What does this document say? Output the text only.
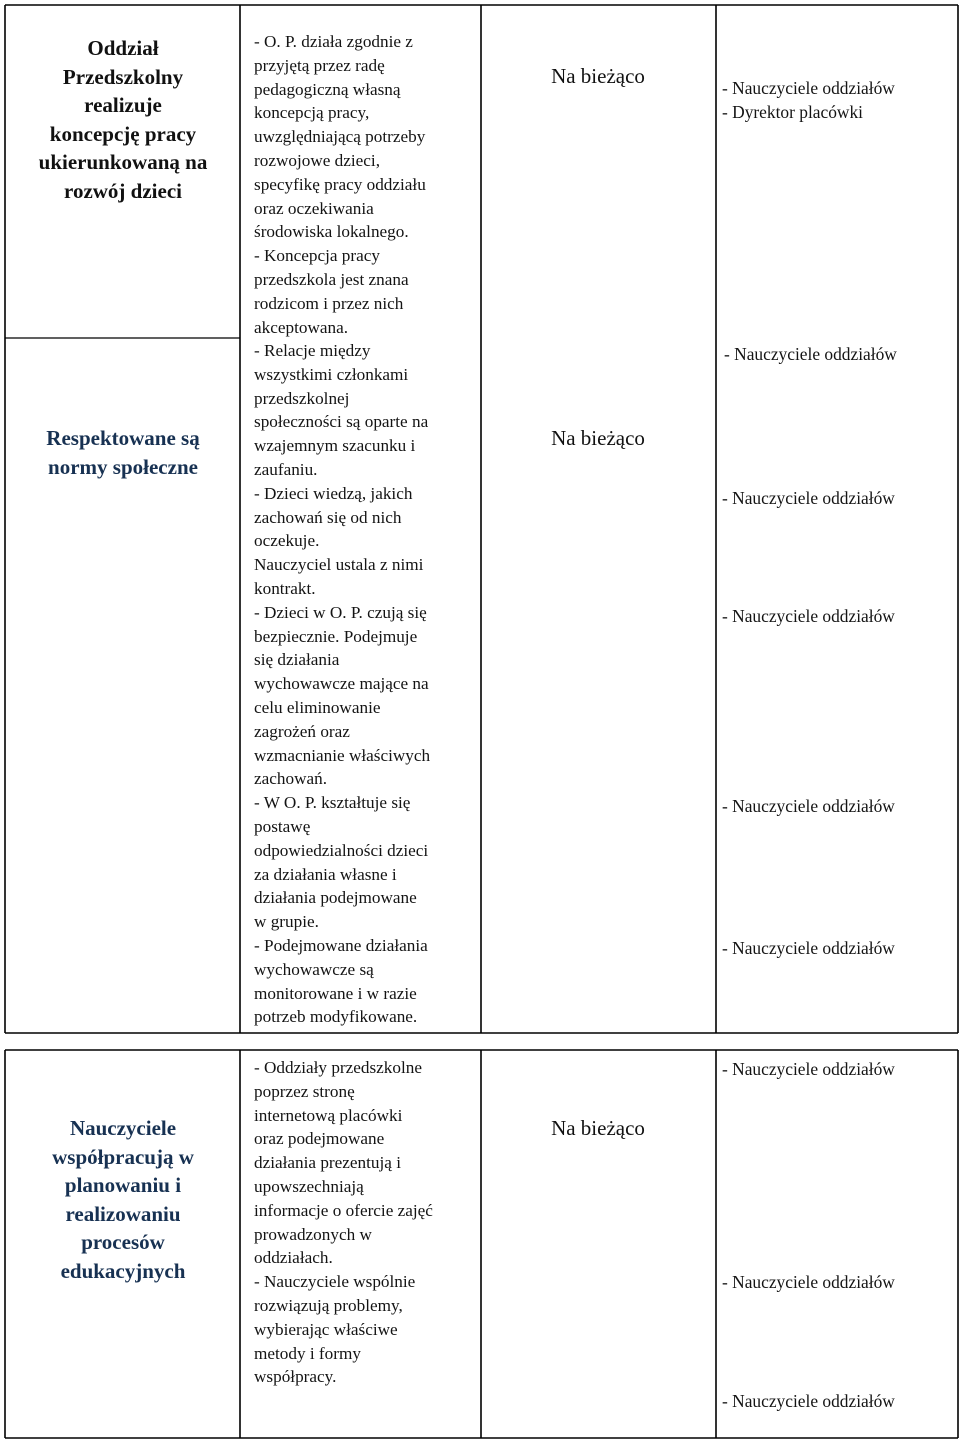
Oddział
Przedszkolny
realizuje
koncepcję pracy
ukierunkowaną na
rozwój dzieci
- O. P. działa zgodnie z
przyjętą przez radę
pedagogiczną własną
koncepcją pracy,
uwzględniającą potrzeby
rozwojowe dzieci,
specyfikę pracy oddziału
oraz oczekiwania
środowiska lokalnego.
- Koncepcja pracy
przedszkola jest znana
rodzicom i przez nich
akceptowana.
Na bieżąco	- Nauczyciele oddziałów
- Dyrektor placówki
Respektowane są
normy społeczne
- Relacje między
wszystkimi członkami
przedszkolnej
społeczności są oparte na
wzajemnym szacunku i
zaufaniu.
- Dzieci wiedzą, jakich
zachowań się od nich
oczekuje.
Nauczyciel ustala z nimi
kontrakt.
- Dzieci w O. P. czują się
bezpiecznie. Podejmuje
się działania
wychowawcze mające na
celu eliminowanie
zagrożeń oraz
wzmacnianie właściwych
zachowań.
- W O. P. kształtuje się
postawę
odpowiedzialności dzieci
za działania własne i
działania podejmowane
w grupie.
- Podejmowane działania
wychowawcze są
monitorowane i w razie
potrzeb modyfikowane.
Na bieżąco
- Nauczyciele oddziałów
- Nauczyciele oddziałów
- Nauczyciele oddziałów
- Nauczyciele oddziałów
- Nauczyciele oddziałów
Nauczyciele
współpracują w
planowaniu i
realizowaniu
procesów
edukacyjnych
- Oddziały przedszkolne
poprzez stronę
internetową placówki
oraz podejmowane
działania prezentują i
upowszechniają
informacje o ofercie zajęć
prowadzonych w
oddziałach.
- Nauczyciele wspólnie
rozwiązują problemy,
wybierając właściwe
metody i formy
współpracy.
Na bieżąco
- Nauczyciele oddziałów
- Nauczyciele oddziałów
- Nauczyciele oddziałów
